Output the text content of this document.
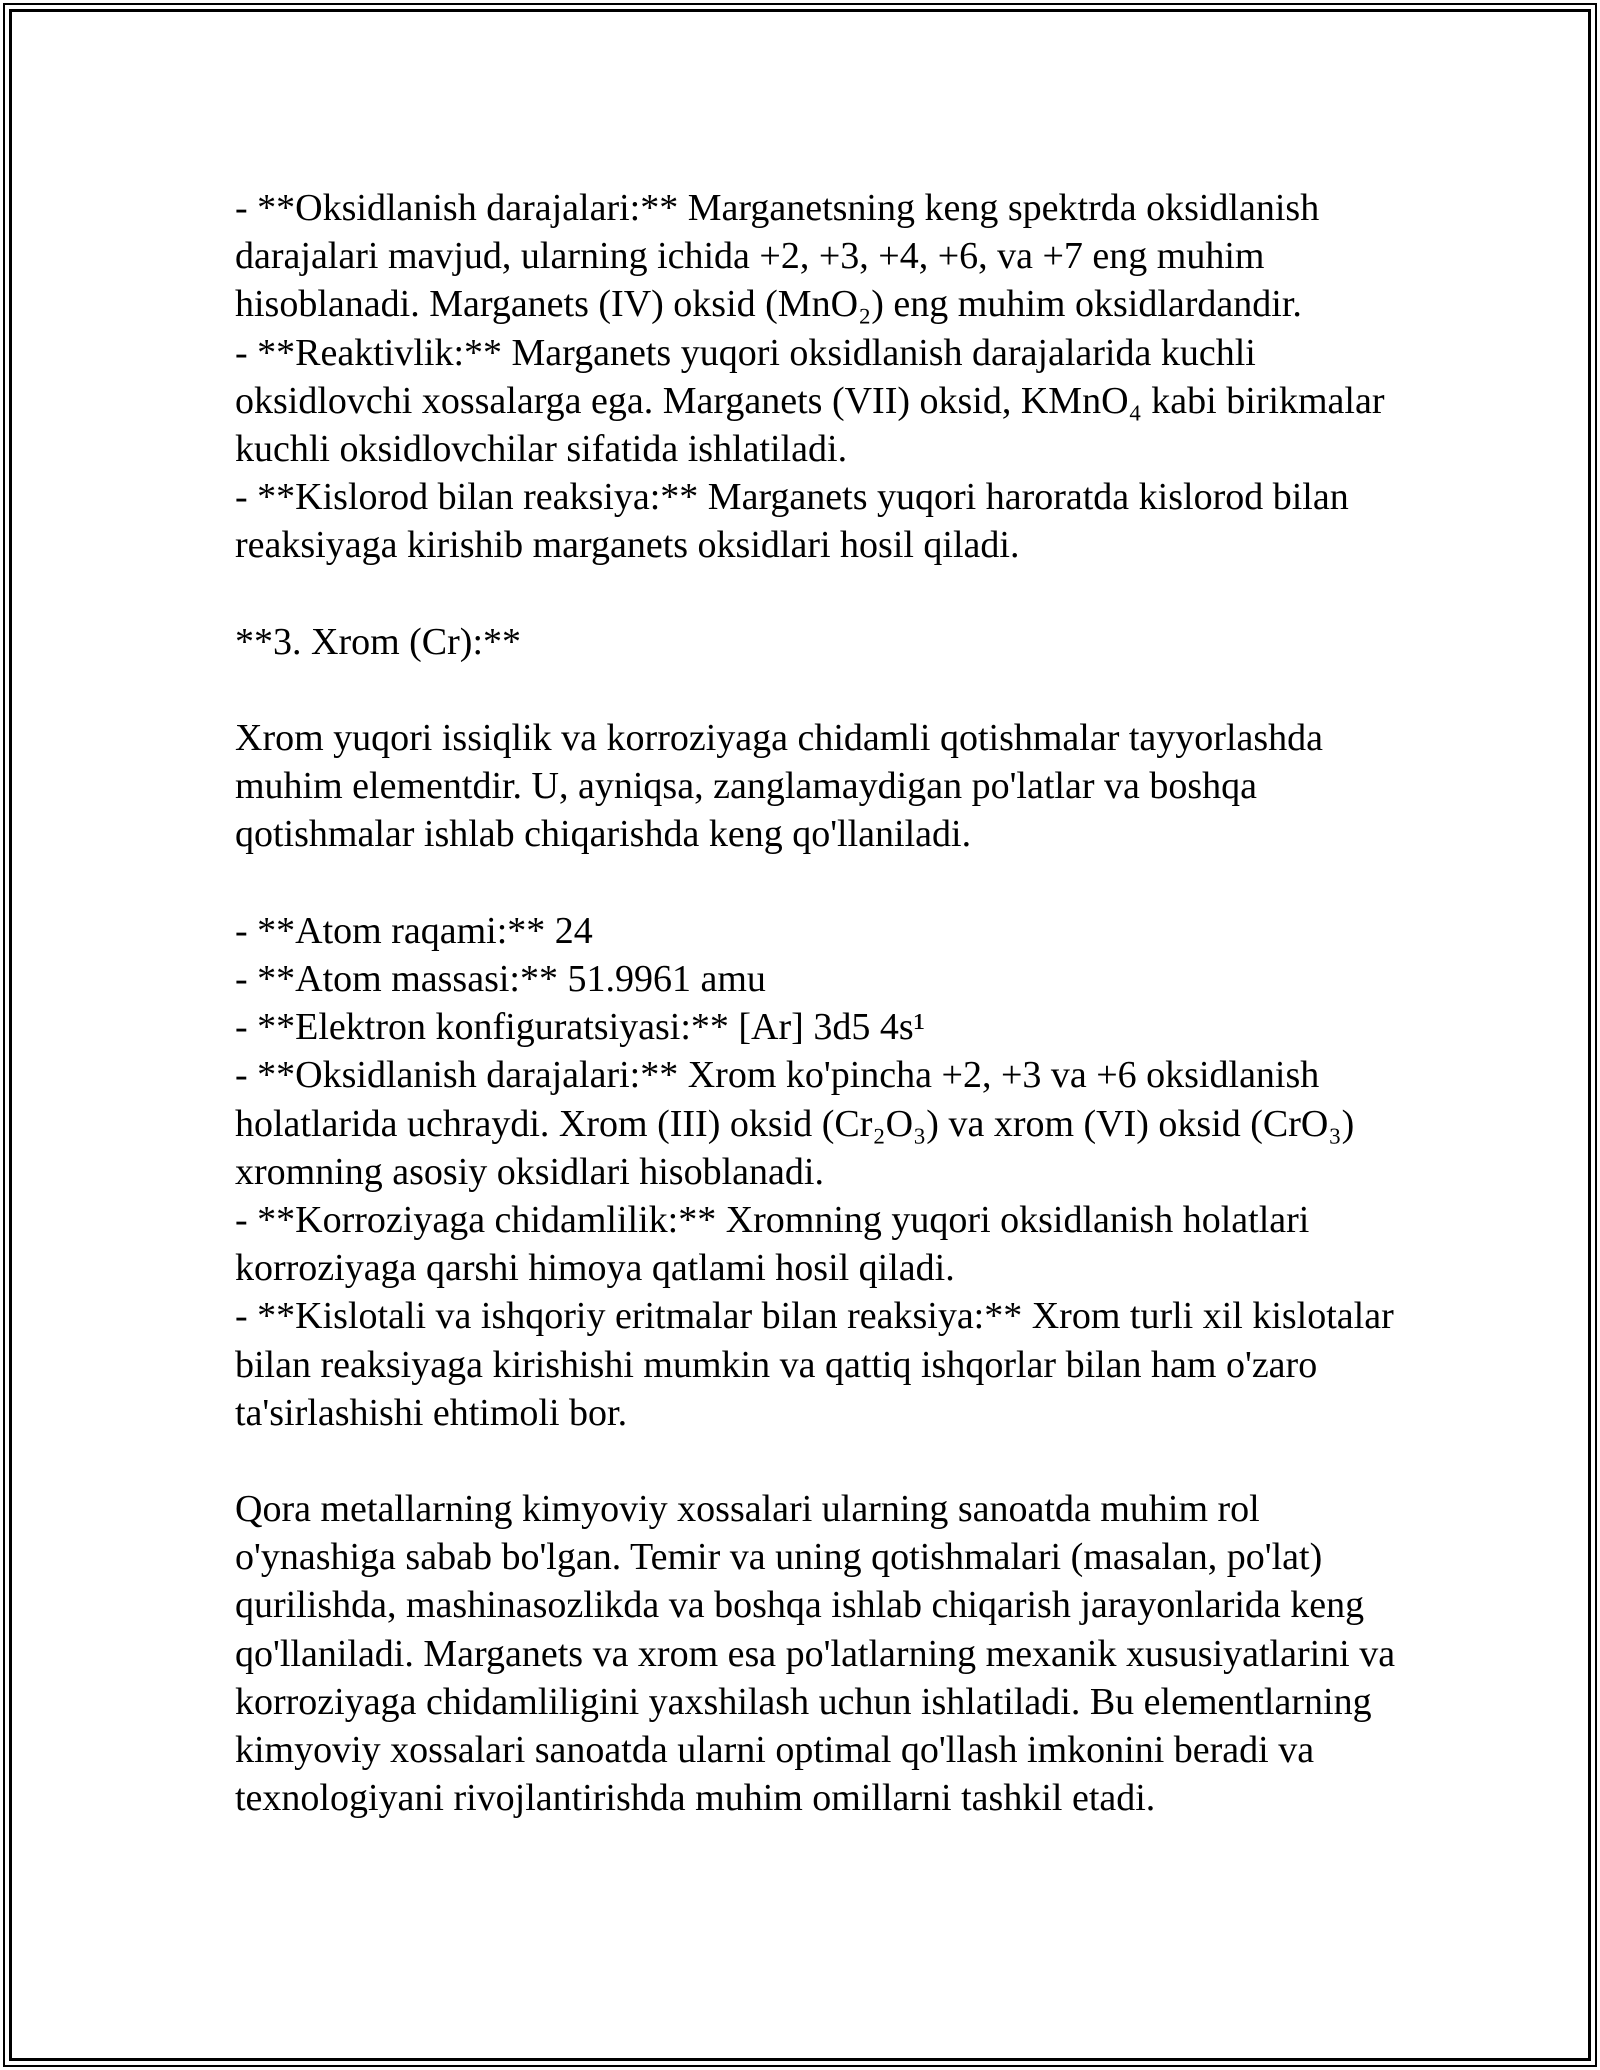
- **Oksidlanish darajalari:** Marganetsning keng spektrda oksidlanish
darajalari mavjud, ularning ichida +2, +3, +4, +6, va +7 eng muhim
hisoblanadi. Marganets (IV) oksid (MnO₂) eng muhim oksidlardandir.
- **Reaktivlik:** Marganets yuqori oksidlanish darajalarida kuchli
oksidlovchi xossalarga ega. Marganets (VII) oksid, KMnO₄ kabi birikmalar
kuchli oksidlovchilar sifatida ishlatiladi.
- **Kislorod bilan reaksiya:** Marganets yuqori haroratda kislorod bilan
reaksiyaga kirishib marganets oksidlari hosil qiladi.
**3. Xrom (Cr):**
Xrom yuqori issiqlik va korroziyaga chidamli qotishmalar tayyorlashda
muhim elementdir. U, ayniqsa, zanglamaydigan po'latlar va boshqa
qotishmalar ishlab chiqarishda keng qo'llaniladi.
- **Atom raqami:** 24
- **Atom massasi:** 51.9961 amu
- **Elektron konfiguratsiyasi:** [Ar] 3d5 4s¹
- **Oksidlanish darajalari:** Xrom ko'pincha +2, +3 va +6 oksidlanish
holatlarida uchraydi. Xrom (III) oksid (Cr₂O₃) va xrom (VI) oksid (CrO₃)
xromning asosiy oksidlari hisoblanadi.
- **Korroziyaga chidamlilik:** Xromning yuqori oksidlanish holatlari
korroziyaga qarshi himoya qatlami hosil qiladi.
- **Kislotali va ishqoriy eritmalar bilan reaksiya:** Xrom turli xil kislotalar
bilan reaksiyaga kirishishi mumkin va qattiq ishqorlar bilan ham o'zaro
ta'sirlashishi ehtimoli bor.
Qora metallarning kimyoviy xossalari ularning sanoatda muhim rol
o'ynashiga sabab bo'lgan. Temir va uning qotishmalari (masalan, po'lat)
qurilishda, mashinasozlikda va boshqa ishlab chiqarish jarayonlarida keng
qo'llaniladi. Marganets va xrom esa po'latlarning mexanik xususiyatlarini va
korroziyaga chidamliligini yaxshilash uchun ishlatiladi. Bu elementlarning
kimyoviy xossalari sanoatda ularni optimal qo'llash imkonini beradi va
texnologiyani rivojlantirishda muhim omillarni tashkil etadi.
